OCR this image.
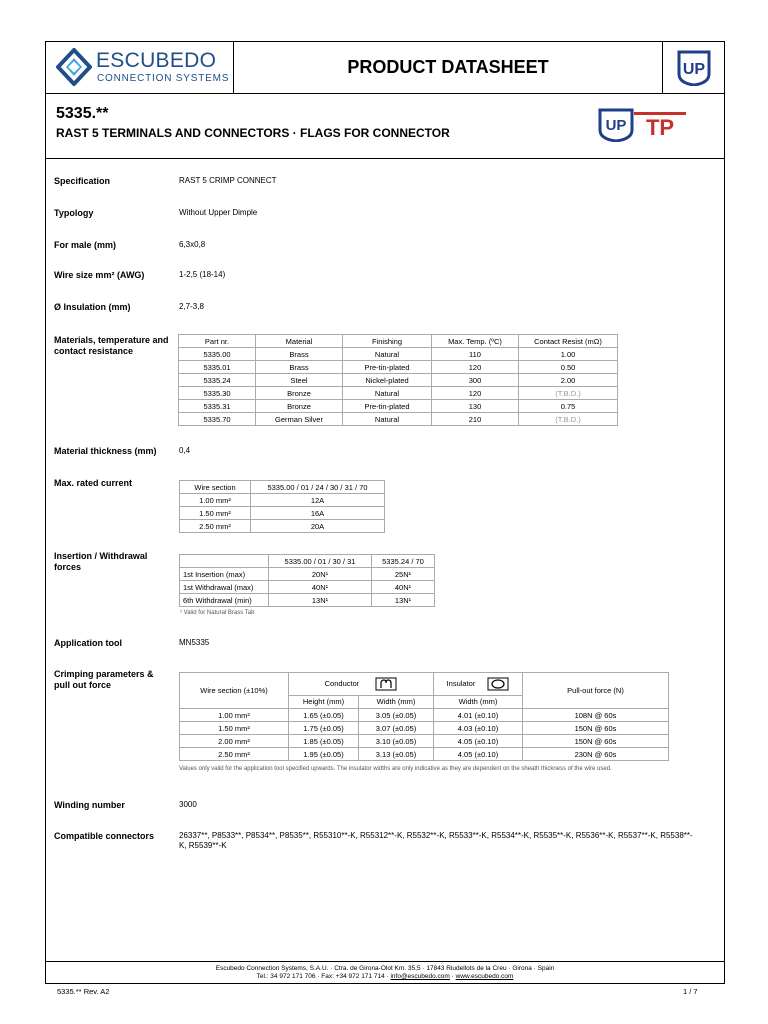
ESCUBEDO
CONNECTION SYSTEMS
PRODUCT DATASHEET	UP
5335.**
RAST 5 TERMINALS AND CONNECTORS · FLAGS FOR CONNECTOR	UP TP
Specification	RAST 5 CRIMP CONNECT
Typology	Without Upper Dimple
For male (mm)	6,3x0,8
Wire size mm² (AWG)	1-2,5 (18-14)
Ø Insulation (mm)	2,7-3,8
Materials, temperature and contact resistance
Part nr.	Material	Finishing	Max. Temp. (ºC)	Contact Resist (mΩ)
5335.00	Brass	Natural	110	1.00
5335.01	Brass	Pre-tin-plated	120	0.50
5335.24	Steel	Nickel-plated	300	2.00
5335.30	Bronze	Natural	120	(T.B.D.)
5335.31	Bronze	Pre-tin-plated	130	0.75
5335.70	German Silver	Natural	210	(T.B.D.)
Material thickness (mm)	0,4
Max. rated current	Wire section	5335.00 / 01 / 24 / 30 / 31 / 70
1.00 mm²	12A
1.50 mm²	16A
2.50 mm²	20A
Insertion / Withdrawal forces
	5335.00 / 01 / 30 / 31	5335.24 / 70
1st Insertion (max)	20N¹	25N¹
1st Withdrawal (max)	40N¹	40N¹
6th Withdrawal (min)	13N¹	13N¹
¹ Valid for Natural Brass Tab
Application tool	MN5335
Crimping parameters & pull out force
Wire section (±10%)	Conductor		Insulator	Pull-out force (N)
	Height (mm)	Width (mm)	Width (mm)	
1.00 mm²	1.65 (±0.05)	3.05 (±0.05)	4.01 (±0.10)	108N @ 60s
1.50 mm²	1.75 (±0.05)	3.07 (±0.05)	4.03 (±0.10)	150N @ 60s
2.00 mm²	1.85 (±0.05)	3.10 (±0.05)	4.05 (±0.10)	150N @ 60s
2.50 mm²	1.95 (±0.05)	3.13 (±0.05)	4.05 (±0.10)	230N @ 60s
Values only valid for the application tool specified upwards. The insulator widths are only indicative as they are dependent on the sheath thickness of the wire used.
Winding number	3000
Compatible connectors	26337**, P8533**, P8534**, P8535**, R55310**-K, R55312**-K, R5532**-K, R5533**-K, R5534**-K, R5535**-K, R5536**-K, R5537**-K, R5538**-K, R5539**-K
Escubedo Connection Systems, S.A.U. · Ctra. de Girona-Olot Km. 35,5 · 17843 Riudellots de la Creu · Girona · Spain
Tel.: 34 972 171 706 · Fax: +34 972 171 714 · info@escubedo.com · www.escubedo.com
5335.** Rev. A2	1 / 7
